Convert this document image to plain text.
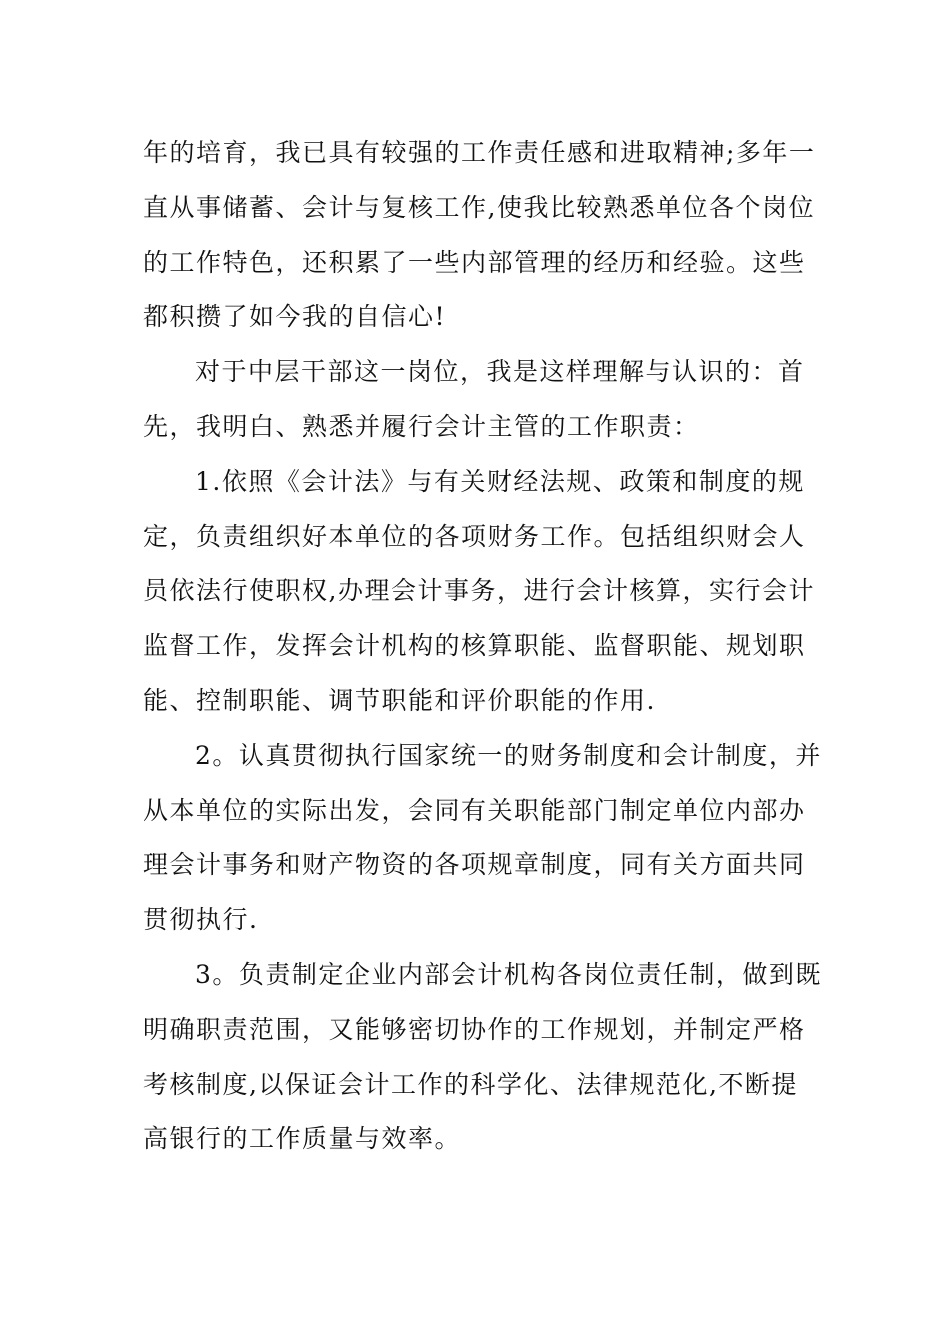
年的培育，我已具有较强的工作责任感和进取精神;多年一
直从事储蓄、会计与复核工作,使我比较熟悉单位各个岗位
的工作特色，还积累了一些内部管理的经历和经验。这些
都积攒了如今我的自信心!
对于中层干部这一岗位，我是这样理解与认识的：首
先，我明白、熟悉并履行会计主管的工作职责：
1.依照《会计法》与有关财经法规、政策和制度的规
定，负责组织好本单位的各项财务工作。包括组织财会人
员依法行使职权,办理会计事务，进行会计核算，实行会计
监督工作，发挥会计机构的核算职能、监督职能、规划职
能、控制职能、调节职能和评价职能的作用.
2。认真贯彻执行国家统一的财务制度和会计制度，并
从本单位的实际出发，会同有关职能部门制定单位内部办
理会计事务和财产物资的各项规章制度，同有关方面共同
贯彻执行.
3。负责制定企业内部会计机构各岗位责任制，做到既
明确职责范围，又能够密切协作的工作规划，并制定严格
考核制度,以保证会计工作的科学化、法律规范化,不断提
高银行的工作质量与效率。
